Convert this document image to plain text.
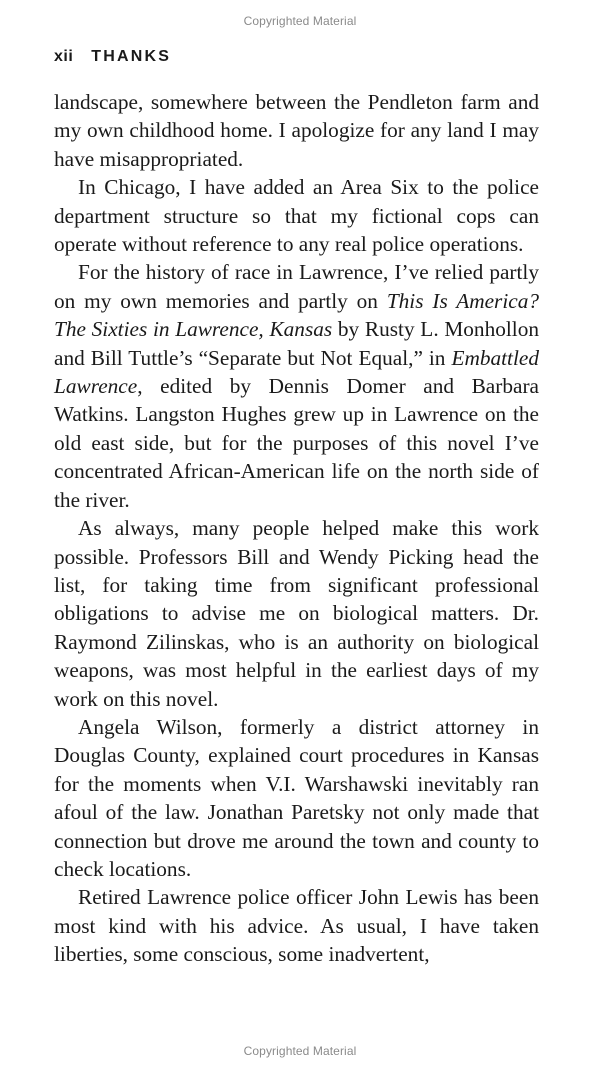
Copyrighted Material
xii THANKS

landscape, somewhere between the Pendleton farm and my own childhood home. I apologize for any land I may have misappropriated.

In Chicago, I have added an Area Six to the police department structure so that my fictional cops can operate without reference to any real police operations.

For the history of race in Lawrence, I’ve relied partly on my own memories and partly on This Is America? The Sixties in Lawrence, Kansas by Rusty L. Monhollon and Bill Tuttle’s “Separate but Not Equal,” in Embattled Lawrence, edited by Dennis Domer and Barbara Watkins. Langston Hughes grew up in Lawrence on the old east side, but for the purposes of this novel I’ve concentrated African-American life on the north side of the river.

As always, many people helped make this work possible. Professors Bill and Wendy Picking head the list, for taking time from significant professional obligations to advise me on biological matters. Dr. Raymond Zilinskas, who is an authority on biological weapons, was most helpful in the earliest days of my work on this novel.

Angela Wilson, formerly a district attorney in Douglas County, explained court procedures in Kansas for the moments when V.I. Warshawski inevitably ran afoul of the law. Jonathan Paretsky not only made that connection but drove me around the town and county to check locations.

Retired Lawrence police officer John Lewis has been most kind with his advice. As usual, I have taken liberties, some conscious, some inadvertent,

Copyrighted Material
